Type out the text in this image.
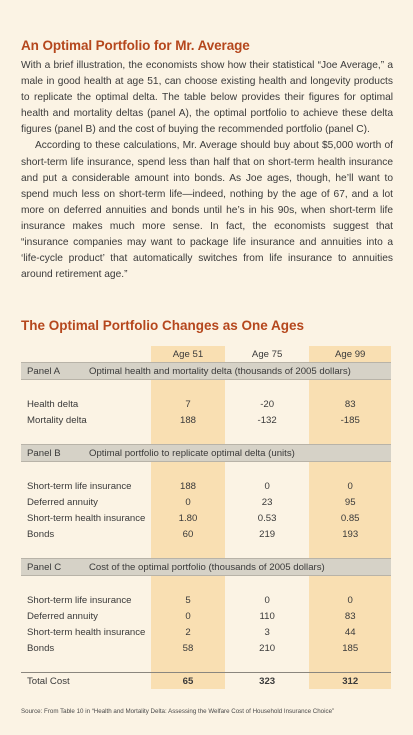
An Optimal Portfolio for Mr. Average

With a brief illustration, the economists show how their statistical “Joe Average,” a male in good health at age 51, can choose existing health and longevity products to replicate the optimal delta. The table below provides their figures for optimal health and mortality deltas (panel A), the optimal portfolio to achieve these delta figures (panel B) and the cost of buying the recommended portfolio (panel C).

According to these calculations, Mr. Average should buy about $5,000 worth of short-term life insurance, spend less than half that on short-term health insurance and put a considerable amount into bonds. As Joe ages, though, he’ll want to spend much less on short-term life—indeed, nothing by the age of 67, and a lot more on deferred annuities and bonds until he’s in his 90s, when short-term life insurance makes much more sense. In fact, the economists suggest that “insurance companies may want to package life insurance and annuities into a ‘life-cycle product’ that automatically switches from life insurance to annuities around retirement age.”

The Optimal Portfolio Changes as One Ages
	Age 51	Age 75	Age 99
Panel A Optimal health and mortality delta (thousands of 2005 dollars)			

Health delta	7	-20	83
Mortality delta	188	-132	-185

Panel B Optimal portfolio to replicate optimal delta (units)			

Short-term life insurance	188	0	0
Deferred annuity	0	23	95
Short-term health insurance	1.80	0.53	0.85
Bonds	60	219	193

Panel C Cost of the optimal portfolio (thousands of 2005 dollars)			

Short-term life insurance	5	0	0
Deferred annuity	0	110	83
Short-term health insurance	2	3	44
Bonds	58	210	185

Total Cost	65	323	312
Source: From Table 10 in “Health and Mortality Delta: Assessing the Welfare Cost of Household Insurance Choice”
